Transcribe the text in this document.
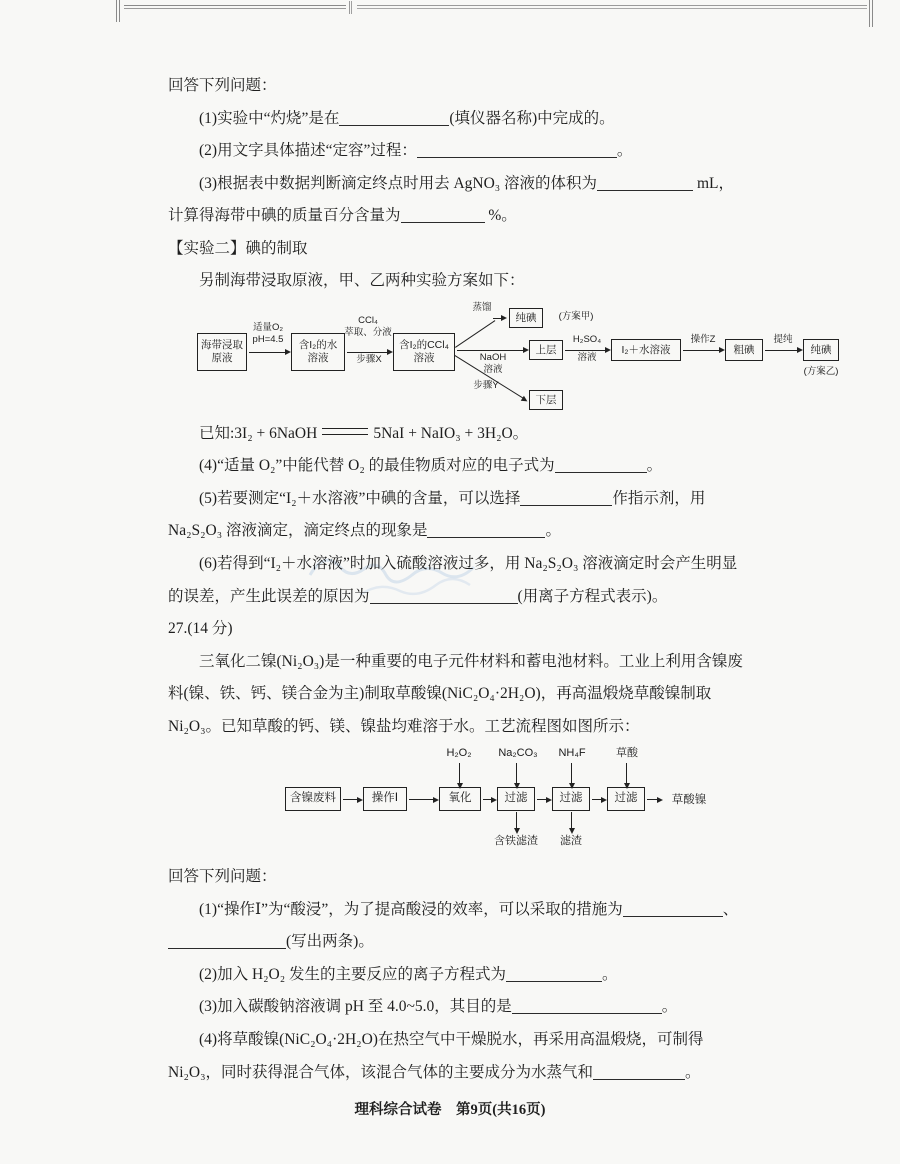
回答下列问题：

(1)实验中“灼烧”是在	(填仪器名称)中完成的。

(2)用文字具体描述“定容”过程：	。

(3)根据表中数据判断滴定终点时用去 AgNO₃ 溶液的体积为	mL，计算得海带中碘的质量百分含量为	%。

【实验二】碘的制取

另制海带浸取原液，甲、乙两种实验方案如下：

海带浸取原液
适量O₂
pH=4.5
含I₂的水溶液
CCl₄
萃取、分液
步骤X
含I₂的CCl₄溶液
蒸馏
纯碘	(方案甲)
NaOH
溶液
步骤Y
上层
下层
H₂SO₄
溶液
I₂＋水溶液
操作Z
粗碘
提纯
纯碘
(方案乙)

已知:3I₂ + 6NaOH	5NaI + NaIO₃ + 3H₂O。

(4)“适量 O₂”中能代替 O₂ 的最佳物质对应的电子式为	。

(5)若要测定“I₂＋水溶液”中碘的含量，可以选择	作指示剂，用 Na₂S₂O₃ 溶液滴定，滴定终点的现象是	。

(6)若得到“I₂＋水溶液”时加入硫酸溶液过多，用 Na₂S₂O₃ 溶液滴定时会产生明显的误差，产生此误差的原因为	(用离子方程式表示)。

27.(14 分)

三氧化二镍(Ni₂O₃)是一种重要的电子元件材料和蓄电池材料。工业上利用含镍废料(镍、铁、钙、镁合金为主)制取草酸镍(NiC₂O₄·2H₂O)，再高温煅烧草酸镍制取Ni₂O₃。已知草酸的钙、镁、镍盐均难溶于水。工艺流程图如图所示：

H₂O₂	Na₂CO₃	NH₄F	草酸
含镍废料	操作Ⅰ	氧化	过滤	过滤	过滤	草酸镍
含铁滤渣	滤渣

回答下列问题：

(1)“操作Ⅰ”为“酸浸”，为了提高酸浸的效率，可以采取的措施为	、(写出两条)。

(2)加入 H₂O₂ 发生的主要反应的离子方程式为	。

(3)加入碳酸钠溶液调 pH 至 4.0~5.0，其目的是	。

(4)将草酸镍(NiC₂O₄·2H₂O)在热空气中干燥脱水，再采用高温煅烧，可制得 Ni₂O₃，同时获得混合气体，该混合气体的主要成分为水蒸气和	。

理科综合试卷　第9页(共16页)
